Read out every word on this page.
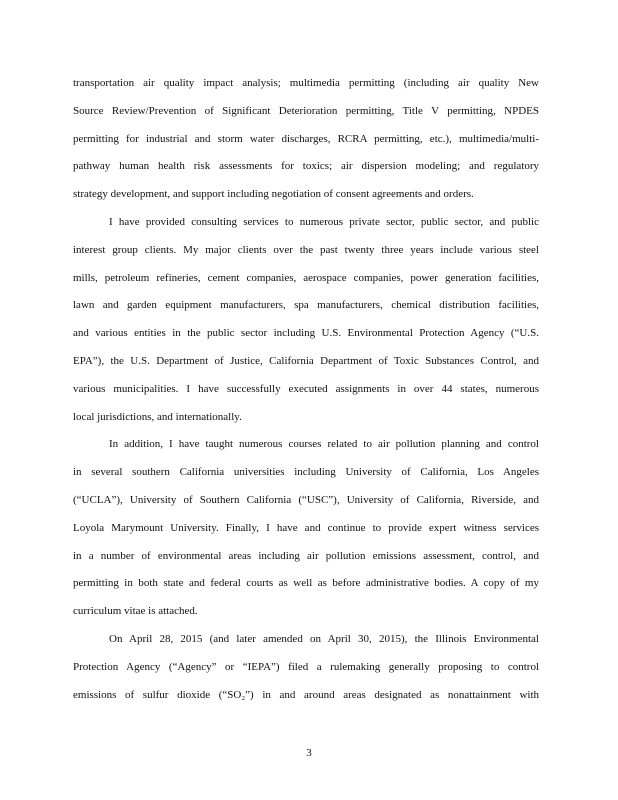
transportation air quality impact analysis; multimedia permitting (including air quality New
Source Review/Prevention of Significant Deterioration permitting, Title V permitting, NPDES
permitting for industrial and storm water discharges, RCRA permitting, etc.), multimedia/multi-
pathway human health risk assessments for toxics; air dispersion modeling; and regulatory
strategy development, and support including negotiation of consent agreements and orders.
I have provided consulting services to numerous private sector, public sector, and public
interest group clients. My major clients over the past twenty three years include various steel
mills, petroleum refineries, cement companies, aerospace companies, power generation facilities,
lawn and garden equipment manufacturers, spa manufacturers, chemical distribution facilities,
and various entities in the public sector including U.S. Environmental Protection Agency (“U.S.
EPA”), the U.S. Department of Justice, California Department of Toxic Substances Control, and
various municipalities. I have successfully executed assignments in over 44 states, numerous
local jurisdictions, and internationally.
In addition, I have taught numerous courses related to air pollution planning and control
in several southern California universities including University of California, Los Angeles
(“UCLA”), University of Southern California (“USC”), University of California, Riverside, and
Loyola Marymount University. Finally, I have and continue to provide expert witness services
in a number of environmental areas including air pollution emissions assessment, control, and
permitting in both state and federal courts as well as before administrative bodies. A copy of my
curriculum vitae is attached.
On April 28, 2015 (and later amended on April 30, 2015), the Illinois Environmental
Protection Agency (“Agency” or “IEPA”) filed a rulemaking generally proposing to control
emissions of sulfur dioxide (“SO₂”) in and around areas designated as nonattainment with
3
